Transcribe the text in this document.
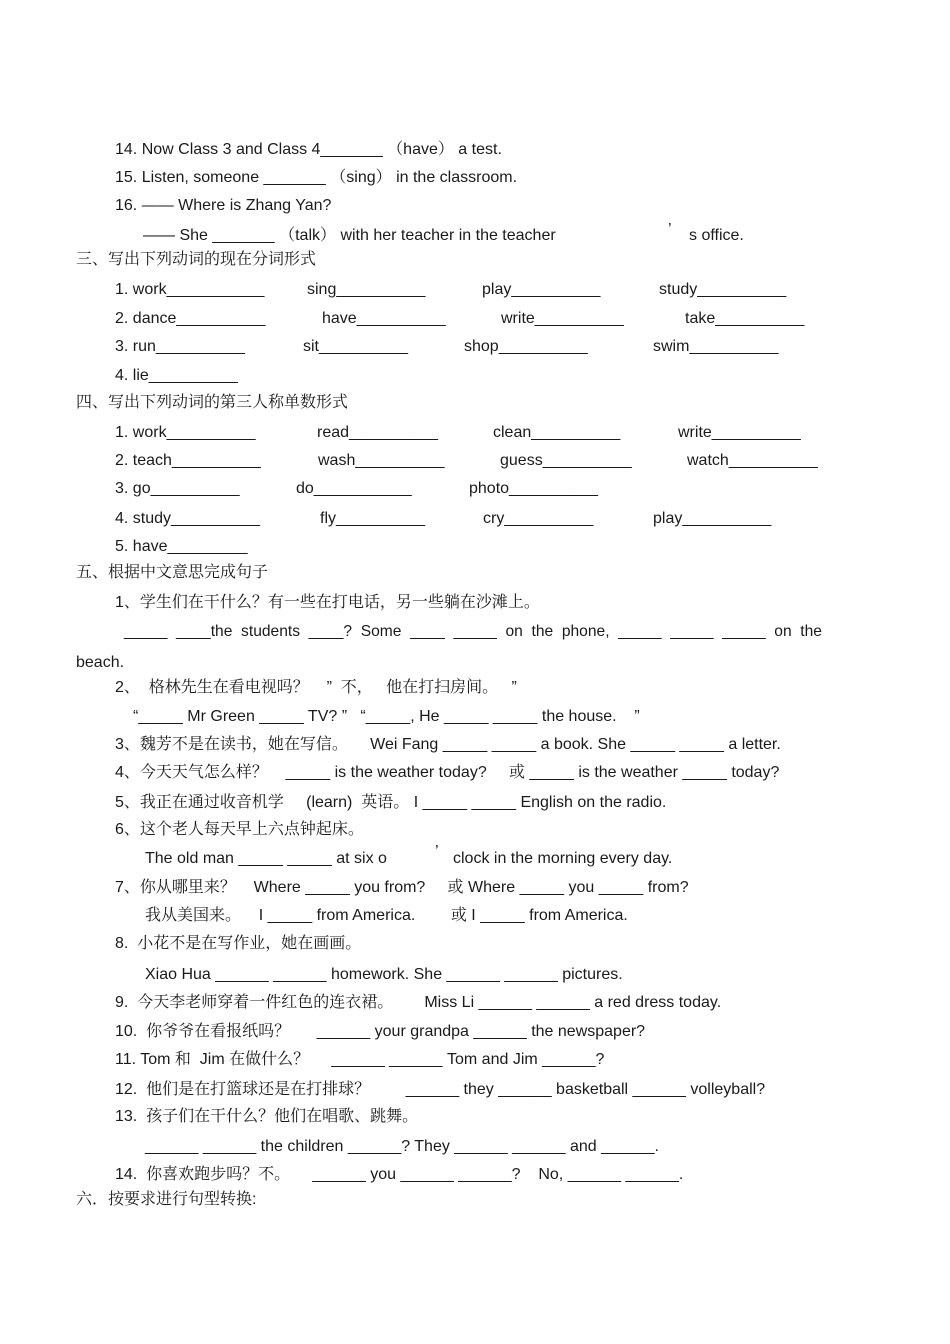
14. Now Class 3 and Class 4_______ （have） a test.
15. Listen, someone _______ （sing） in the classroom.
16. —— Where is Zhang Yan?
—— She _______ （talk） with her teacher in the teacher	’ s office.
三、写出下列动词的现在分词形式
1. work___________	sing__________	play__________	study__________
2. dance__________	have__________	write__________	take__________
3. run__________	sit__________	shop__________	swim__________
4. lie__________
四、写出下列动词的第三人称单数形式
1. work__________	read__________	clean__________	write__________
2. teach__________	wash__________	guess__________	watch__________
3. go__________	do___________	photo__________
4. study__________	fly__________	cry__________	play__________
5. have_________
五、根据中文意思完成句子
1、学生们在干什么？有一些在打电话，另一些躺在沙滩上。
_____  ____the  students  ____?  Some  ____  _____  on  the  phone,  _____  _____  _____  on  the
beach.
2、  格林先生在看电视吗？    ”  不，   他在打扫房间。   ”
“_____ Mr Green _____ TV? ”   “_____, He _____ _____ the house.    ”
3、魏芳不是在读书，她在写信。     Wei Fang _____ _____ a book. She _____ _____ a letter.
4、今天天气怎么样？    _____ is the weather today?     或 _____ is the weather _____ today?
5、我正在通过收音机学     (learn)  英语。 I _____ _____ English on the radio.
6、这个老人每天早上六点钟起床。
The old man _____ _____ at six o	’ clock in the morning every day.
7、你从哪里来？    Where _____ you from?     或 Where _____ you _____ from?
我从美国来。    I _____ from America.        或 I _____ from America.
8.  小花不是在写作业，她在画画。
Xiao Hua ______ ______ homework. She ______ ______ pictures.
9.  今天李老师穿着一件红色的连衣裙。       Miss Li ______ ______ a red dress today.
10.  你爷爷在看报纸吗？      ______ your grandpa ______ the newspaper?
11. Tom 和  Jim 在做什么？     ______ ______ Tom and Jim ______?
12.  他们是在打篮球还是在打排球？        ______ they ______ basketball ______ volleyball?
13.  孩子们在干什么？他们在唱歌、跳舞。
______ ______ the children ______? They ______ ______ and ______.
14.  你喜欢跑步吗？不。     ______ you ______ ______?    No, ______ ______.
六．按要求进行句型转换:
